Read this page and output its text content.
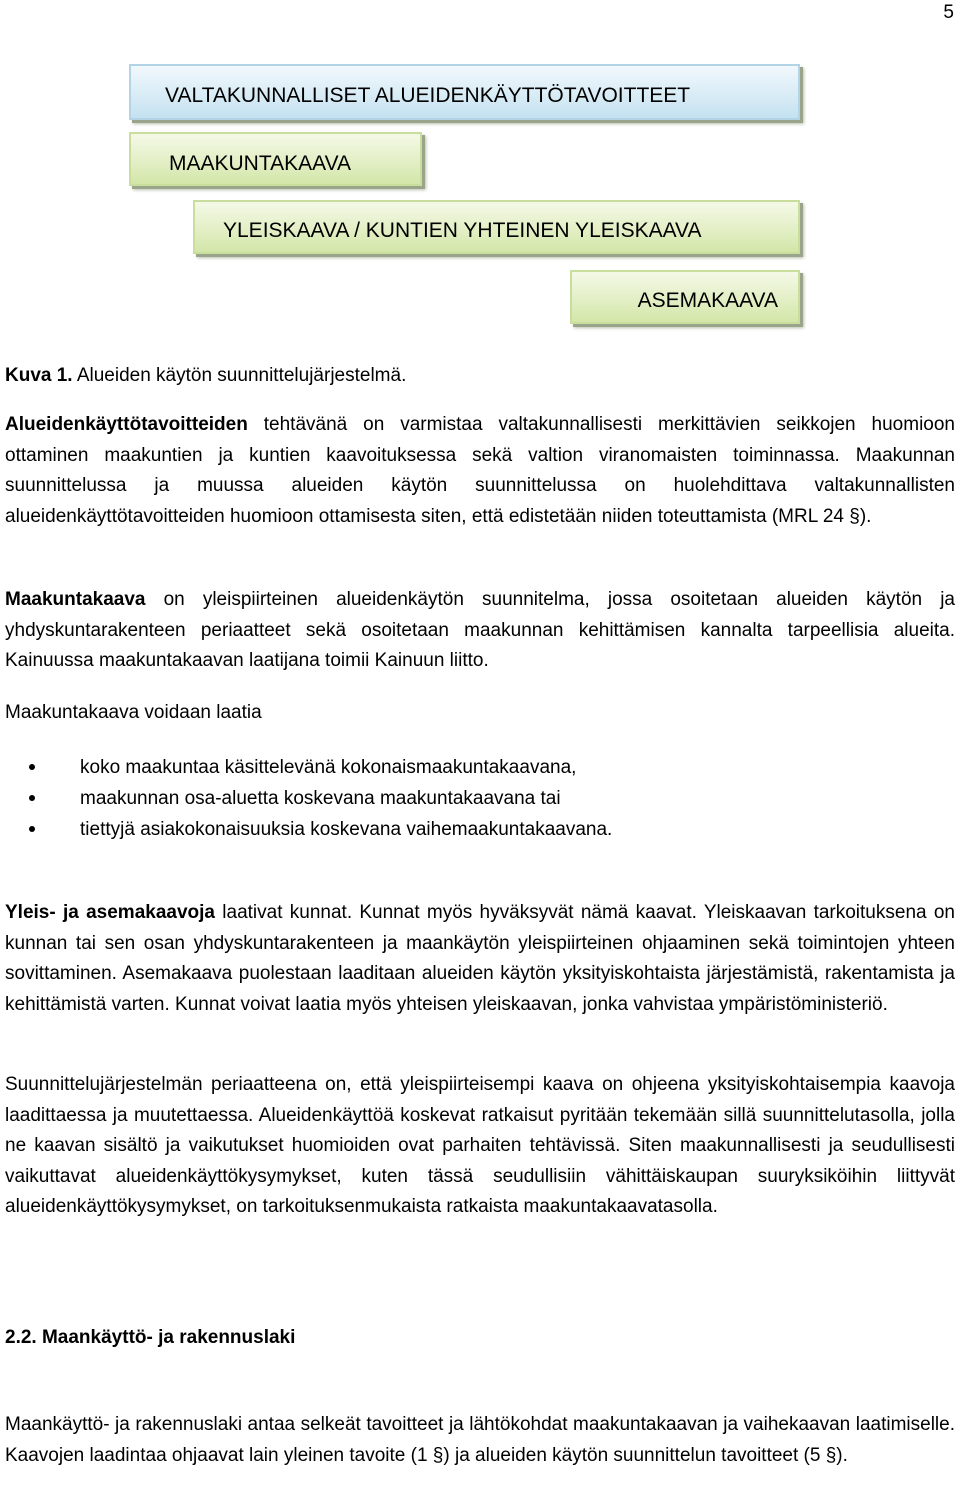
5
VALTAKUNNALLISET ALUEIDENKÄYTTÖTAVOITTEET
MAAKUNTAKAAVA
YLEISKAAVA / KUNTIEN YHTEINEN YLEISKAAVA
ASEMAKAAVA
Kuva 1. Alueiden käytön suunnittelujärjestelmä.
Alueidenkäyttötavoitteiden tehtävänä on varmistaa valtakunnallisesti merkittävien seikkojen huomioon ottaminen maakuntien ja kuntien kaavoituksessa sekä valtion viranomaisten toiminnassa. Maakunnan suunnittelussa ja muussa alueiden käytön suunnittelussa on huolehdittava valtakunnallisten alueidenkäyttötavoitteiden huomioon ottamisesta siten, että edistetään niiden toteuttamista (MRL 24 §).
Maakuntakaava on yleispiirteinen alueidenkäytön suunnitelma, jossa osoitetaan alueiden käytön ja yhdyskuntarakenteen periaatteet sekä osoitetaan maakunnan kehittämisen kannalta tarpeellisia alueita. Kainuussa maakuntakaavan laatijana toimii Kainuun liitto.
Maakuntakaava voidaan laatia
koko maakuntaa käsittelevänä kokonaismaakuntakaavana,
maakunnan osa-aluetta koskevana maakuntakaavana tai
tiettyjä asiakokonaisuuksia koskevana vaihemaakuntakaavana.
Yleis- ja asemakaavoja laativat kunnat. Kunnat myös hyväksyvät nämä kaavat. Yleiskaavan tarkoituksena on kunnan tai sen osan yhdyskuntarakenteen ja maankäytön yleispiirteinen ohjaaminen sekä toimintojen yhteen sovittaminen. Asemakaava puolestaan laaditaan alueiden käytön yksityiskohtaista järjestämistä, rakentamista ja kehittämistä varten. Kunnat voivat laatia myös yhteisen yleiskaavan, jonka vahvistaa ympäristöministeriö.
Suunnittelujärjestelmän periaatteena on, että yleispiirteisempi kaava on ohjeena yksityiskohtaisempia kaavoja laadittaessa ja muutettaessa. Alueidenkäyttöä koskevat ratkaisut pyritään tekemään sillä suunnittelutasolla, jolla ne kaavan sisältö ja vaikutukset huomioiden ovat parhaiten tehtävissä. Siten maakunnallisesti ja seudullisesti vaikuttavat alueidenkäyttökysymykset, kuten tässä seudullisiin vähittäiskaupan suuryksiköihin liittyvät alueidenkäyttökysymykset, on tarkoituksenmukaista ratkaista maakuntakaavatasolla.
2.2. Maankäyttö- ja rakennuslaki
Maankäyttö- ja rakennuslaki antaa selkeät tavoitteet ja lähtökohdat maakuntakaavan ja vaihekaavan laatimiselle. Kaavojen laadintaa ohjaavat lain yleinen tavoite (1 §) ja alueiden käytön suunnittelun tavoitteet (5 §).
